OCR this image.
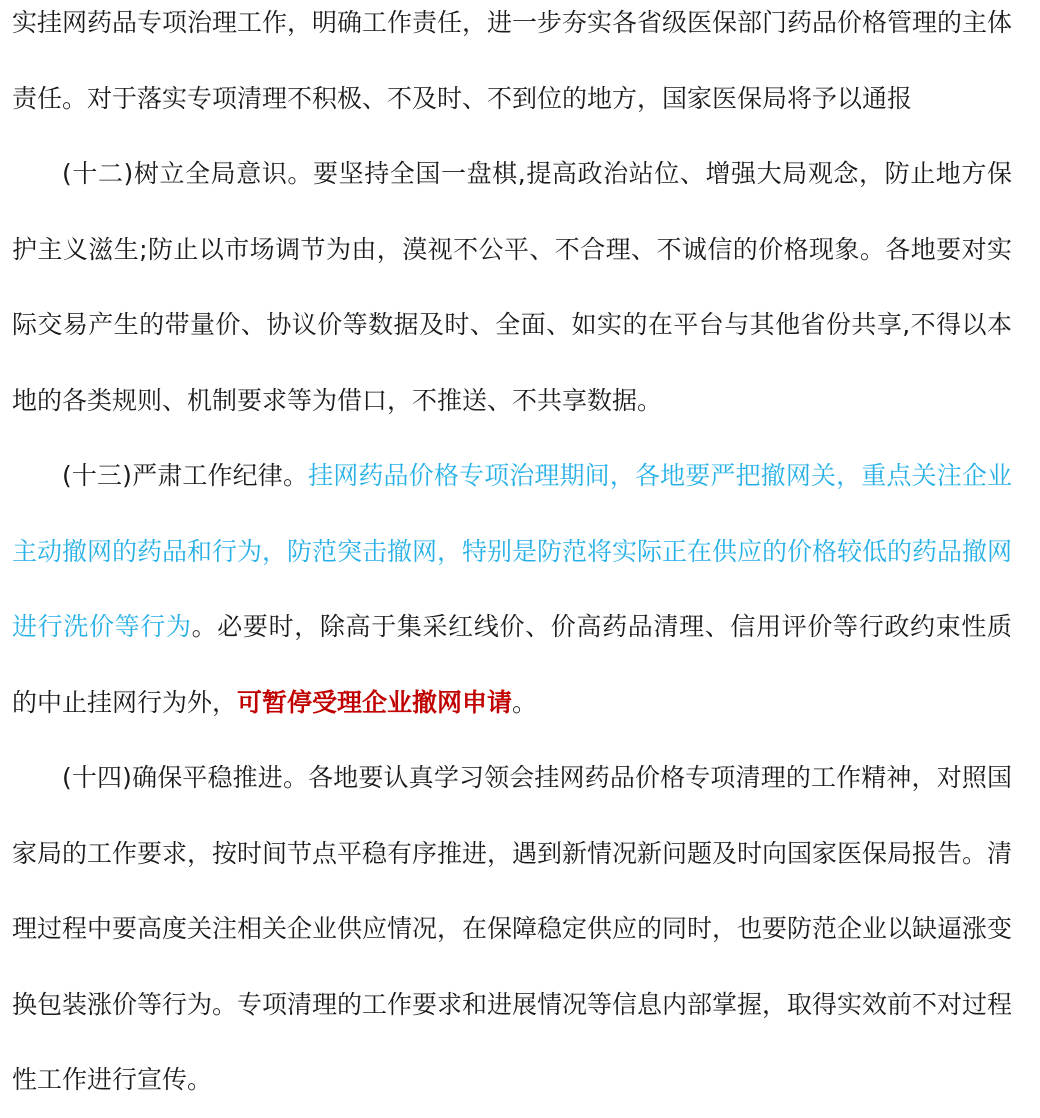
实挂网药品专项治理工作，明确工作责任，进一步夯实各省级医保部门药品价格管理的主体责任。对于落实专项清理不积极、不及时、不到位的地方，国家医保局将予以通报

(十二)树立全局意识。要坚持全国一盘棋,提高政治站位、增强大局观念，防止地方保护主义滋生;防止以市场调节为由，漠视不公平、不合理、不诚信的价格现象。各地要对实际交易产生的带量价、协议价等数据及时、全面、如实的在平台与其他省份共享,不得以本地的各类规则、机制要求等为借口，不推送、不共享数据。

(十三)严肃工作纪律。挂网药品价格专项治理期间，各地要严把撤网关，重点关注企业主动撤网的药品和行为，防范突击撤网，特别是防范将实际正在供应的价格较低的药品撤网进行洗价等行为。必要时，除高于集采红线价、价高药品清理、信用评价等行政约束性质的中止挂网行为外，可暂停受理企业撤网申请。

(十四)确保平稳推进。各地要认真学习领会挂网药品价格专项清理的工作精神，对照国家局的工作要求，按时间节点平稳有序推进，遇到新情况新问题及时向国家医保局报告。清理过程中要高度关注相关企业供应情况，在保障稳定供应的同时，也要防范企业以缺逼涨变换包装涨价等行为。专项清理的工作要求和进展情况等信息内部掌握，取得实效前不对过程性工作进行宣传。
